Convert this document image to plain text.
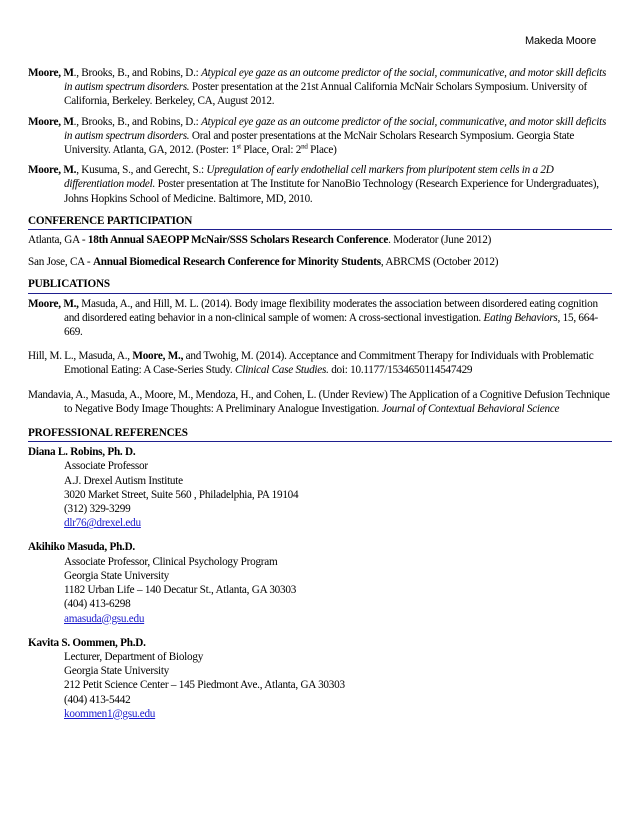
Makeda Moore
Moore, M., Brooks, B., and Robins, D.: Atypical eye gaze as an outcome predictor of the social, communicative, and motor skill deficits in autism spectrum disorders. Poster presentation at the 21st Annual California McNair Scholars Symposium. University of California, Berkeley. Berkeley, CA, August 2012.
Moore, M., Brooks, B., and Robins, D.: Atypical eye gaze as an outcome predictor of the social, communicative, and motor skill deficits in autism spectrum disorders. Oral and poster presentations at the McNair Scholars Research Symposium. Georgia State University. Atlanta, GA, 2012. (Poster: 1st Place, Oral: 2nd Place)
Moore, M., Kusuma, S., and Gerecht, S.: Upregulation of early endothelial cell markers from pluripotent stem cells in a 2D differentiation model. Poster presentation at The Institute for NanoBio Technology (Research Experience for Undergraduates), Johns Hopkins School of Medicine. Baltimore, MD, 2010.
CONFERENCE PARTICIPATION
Atlanta, GA - 18th Annual SAEOPP McNair/SSS Scholars Research Conference. Moderator (June 2012)
San Jose, CA - Annual Biomedical Research Conference for Minority Students, ABRCMS (October 2012)
PUBLICATIONS
Moore, M., Masuda, A., and Hill, M. L. (2014). Body image flexibility moderates the association between disordered eating cognition and disordered eating behavior in a non-clinical sample of women: A cross-sectional investigation. Eating Behaviors, 15, 664-669.
Hill, M. L., Masuda, A., Moore, M., and Twohig, M. (2014). Acceptance and Commitment Therapy for Individuals with Problematic Emotional Eating: A Case-Series Study. Clinical Case Studies. doi: 10.1177/1534650114547429
Mandavia, A., Masuda, A., Moore, M., Mendoza, H., and Cohen, L. (Under Review) The Application of a Cognitive Defusion Technique to Negative Body Image Thoughts: A Preliminary Analogue Investigation. Journal of Contextual Behavioral Science
PROFESSIONAL REFERENCES
Diana L. Robins, Ph. D.
Associate Professor
A.J. Drexel Autism Institute
3020 Market Street, Suite 560 , Philadelphia, PA 19104
(312) 329-3299
dlr76@drexel.edu
Akihiko Masuda, Ph.D.
Associate Professor, Clinical Psychology Program
Georgia State University
1182 Urban Life – 140 Decatur St., Atlanta, GA 30303
(404) 413-6298
amasuda@gsu.edu
Kavita S. Oommen, Ph.D.
Lecturer, Department of Biology
Georgia State University
212 Petit Science Center – 145 Piedmont Ave., Atlanta, GA 30303
(404) 413-5442
koommen1@gsu.edu
